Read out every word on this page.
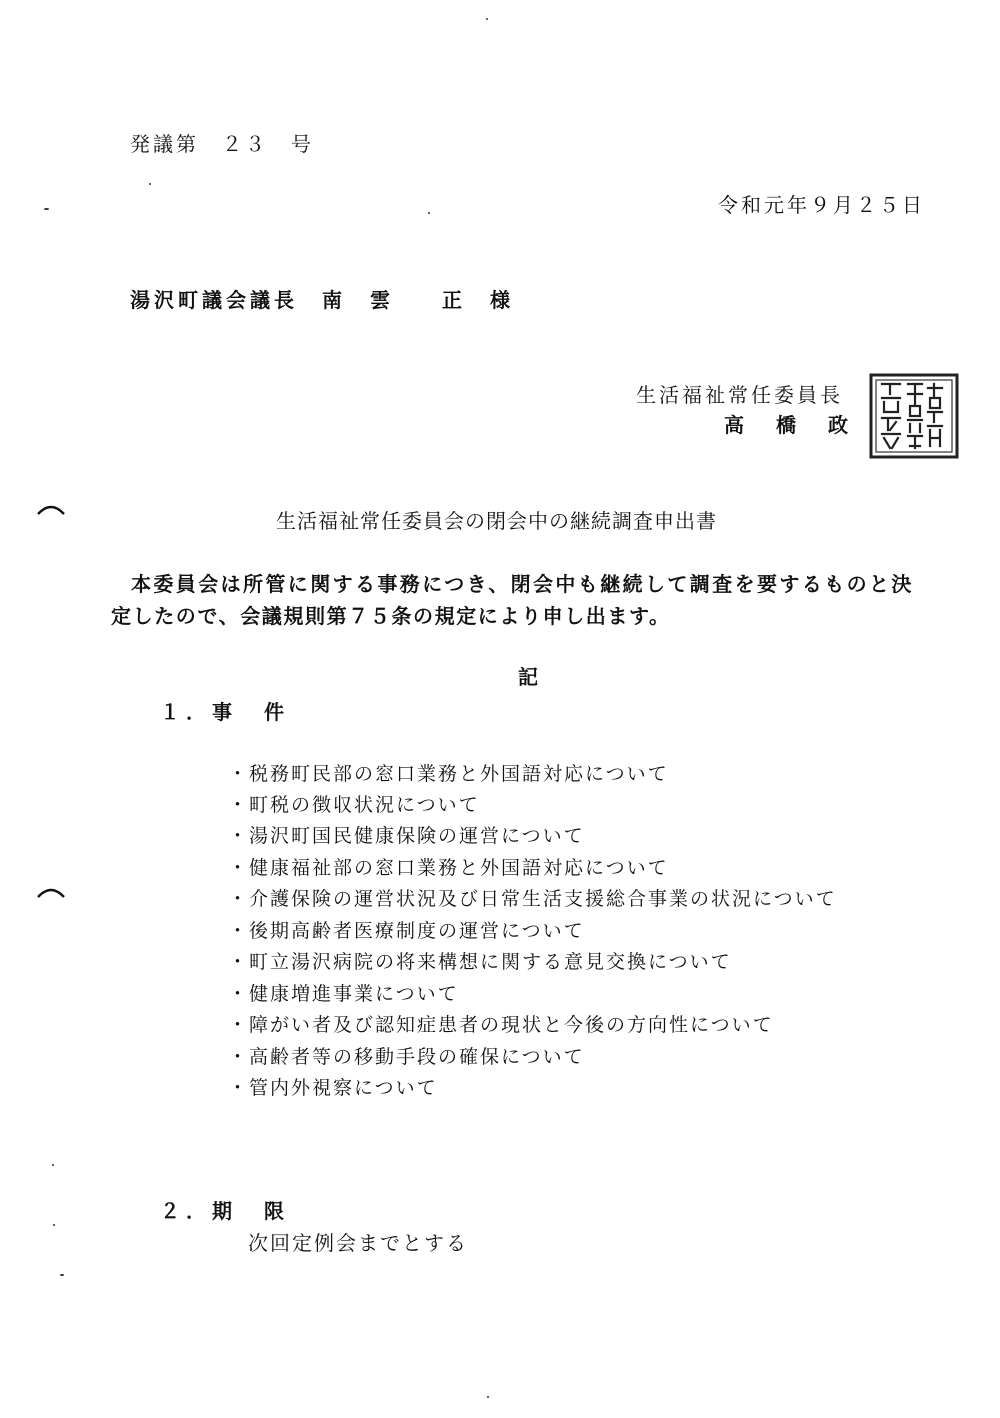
発議第　２３　号
令和元年９月２５日
湯沢町議会議長　南　雲　　正　様
生活福祉常任委員長
高　橋　政
生活福祉常任委員会の閉会中の継続調査申出書
本委員会は所管に関する事務につき、閉会中も継続して調査を要するものと決
定したので、会議規則第７５条の規定により申し出ます。
記
１．事　件
・税務町民部の窓口業務と外国語対応について
・町税の徴収状況について
・湯沢町国民健康保険の運営について
・健康福祉部の窓口業務と外国語対応について
・介護保険の運営状況及び日常生活支援総合事業の状況について
・後期高齢者医療制度の運営について
・町立湯沢病院の将来構想に関する意見交換について
・健康増進事業について
・障がい者及び認知症患者の現状と今後の方向性について
・高齢者等の移動手段の確保について
・管内外視察について
２．期　限
次回定例会までとする
